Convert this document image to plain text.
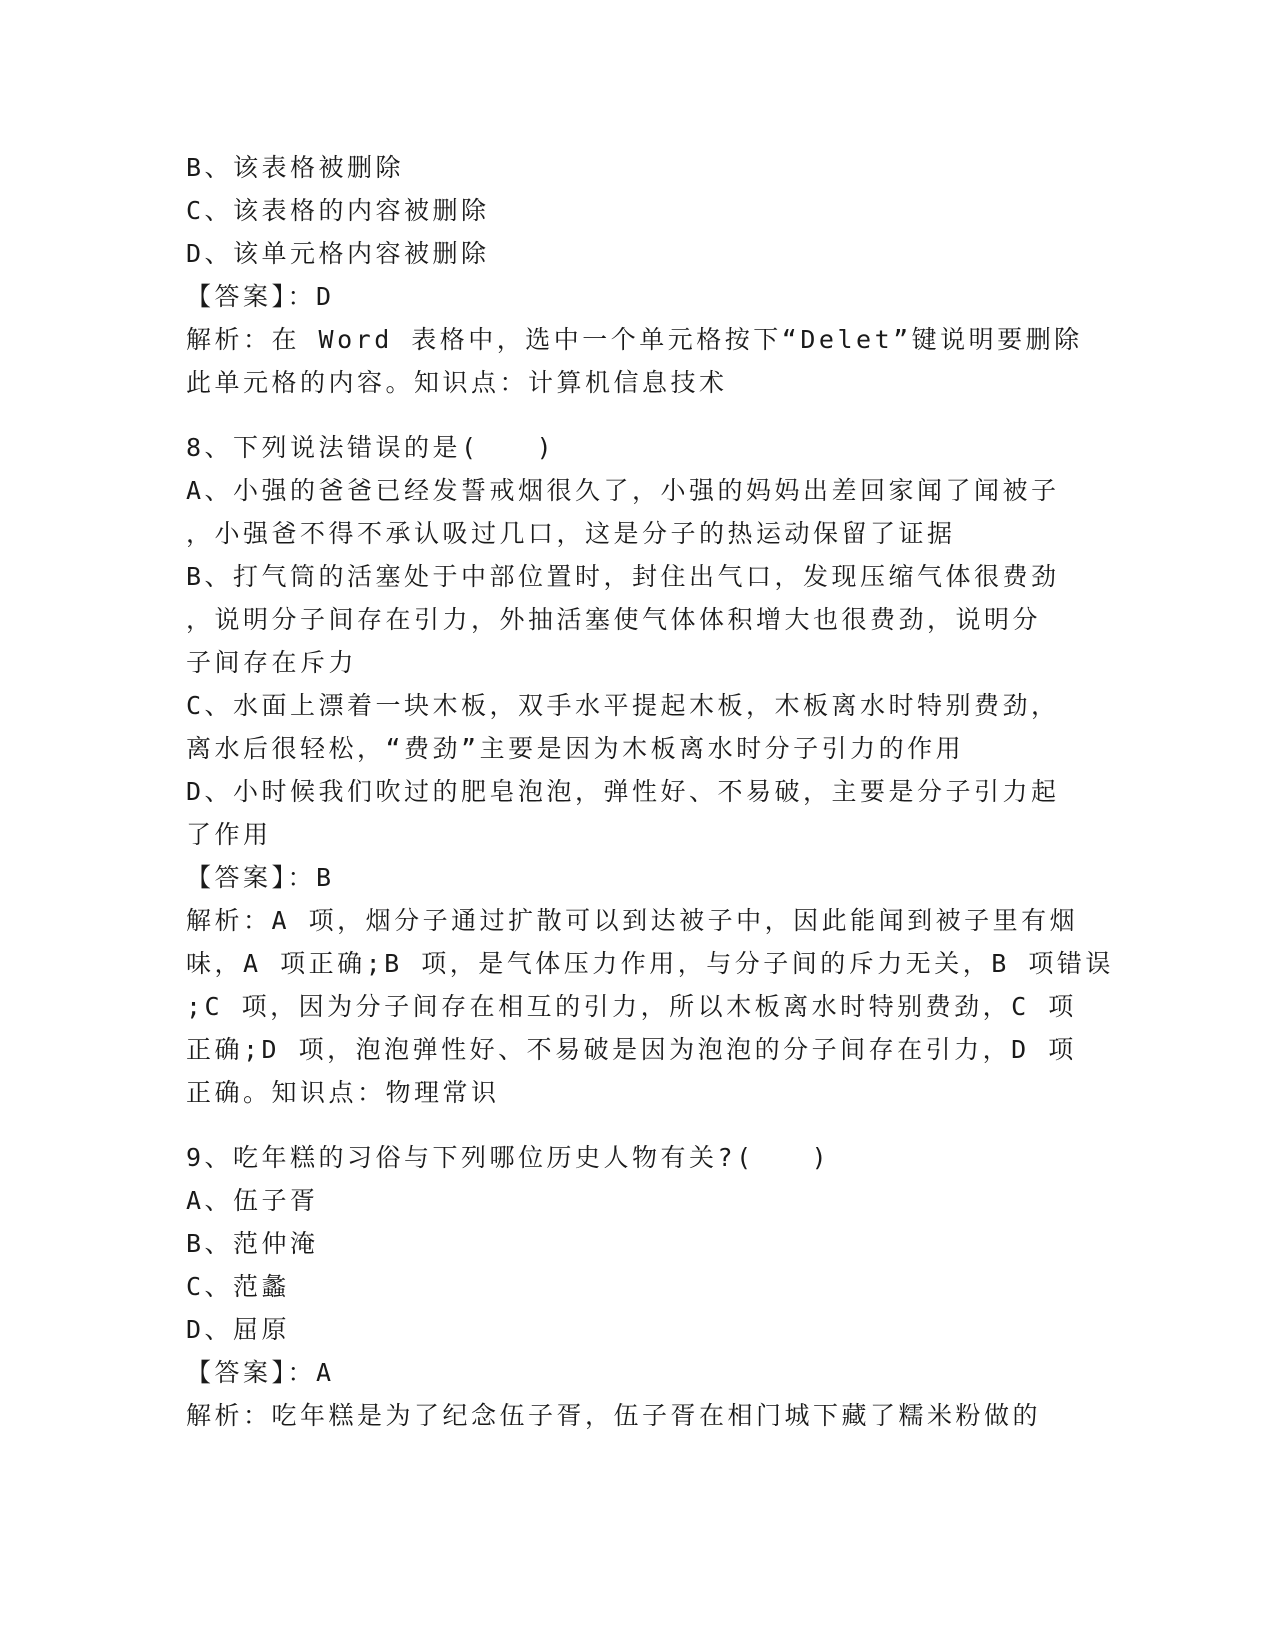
B、该表格被删除
C、该表格的内容被删除
D、该单元格内容被删除
【答案】：D
解析：在 Word 表格中，选中一个单元格按下“Delet”键说明要删除
此单元格的内容。知识点：计算机信息技术
8、下列说法错误的是(　　)
A、小强的爸爸已经发誓戒烟很久了，小强的妈妈出差回家闻了闻被子
，小强爸不得不承认吸过几口，这是分子的热运动保留了证据
B、打气筒的活塞处于中部位置时，封住出气口，发现压缩气体很费劲
，说明分子间存在引力，外抽活塞使气体体积增大也很费劲，说明分
子间存在斥力
C、水面上漂着一块木板，双手水平提起木板，木板离水时特别费劲，
离水后很轻松，“费劲”主要是因为木板离水时分子引力的作用
D、小时候我们吹过的肥皂泡泡，弹性好、不易破，主要是分子引力起
了作用
【答案】：B
解析：A 项，烟分子通过扩散可以到达被子中，因此能闻到被子里有烟
味，A 项正确;B 项，是气体压力作用，与分子间的斥力无关，B 项错误
;C 项，因为分子间存在相互的引力，所以木板离水时特别费劲，C 项
正确;D 项，泡泡弹性好、不易破是因为泡泡的分子间存在引力，D 项
正确。知识点：物理常识
9、吃年糕的习俗与下列哪位历史人物有关?(　　)
A、伍子胥
B、范仲淹
C、范蠡
D、屈原
【答案】：A
解析：吃年糕是为了纪念伍子胥，伍子胥在相门城下藏了糯米粉做的
